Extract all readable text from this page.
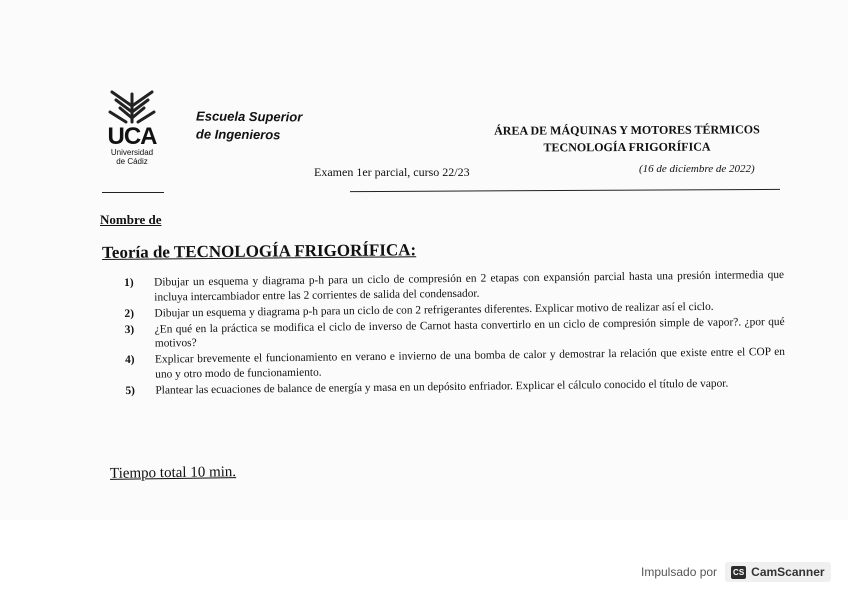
UCA
Universidad
de Cádiz
Escuela Superior
de Ingenieros	ÁREA DE MÁQUINAS Y MOTORES TÉRMICOS
TECNOLOGÍA FRIGORÍFICA
Examen 1er parcial, curso 22/23	(16 de diciembre de 2022)
Nombre de
Teoría de TECNOLOGÍA FRIGORÍFICA:
1)	Dibujar un esquema y diagrama p-h para un ciclo de compresión en 2 etapas con expansión parcial hasta una presión intermedia que incluya intercambiador entre las 2 corrientes de salida del condensador.
2)	Dibujar un esquema y diagrama p-h para un ciclo de con 2 refrigerantes diferentes. Explicar motivo de realizar así el ciclo.
3)	¿En qué en la práctica se modifica el ciclo de inverso de Carnot hasta convertirlo en un ciclo de compresión simple de vapor?. ¿por qué motivos?
4)	Explicar brevemente el funcionamiento en verano e invierno de una bomba de calor y demostrar la relación que existe entre el COP en uno y otro modo de funcionamiento.
5)	Plantear las ecuaciones de balance de energía y masa en un depósito enfriador. Explicar el cálculo conocido el título de vapor.
Tiempo total 10 min.
Impulsado por CS CamScanner
